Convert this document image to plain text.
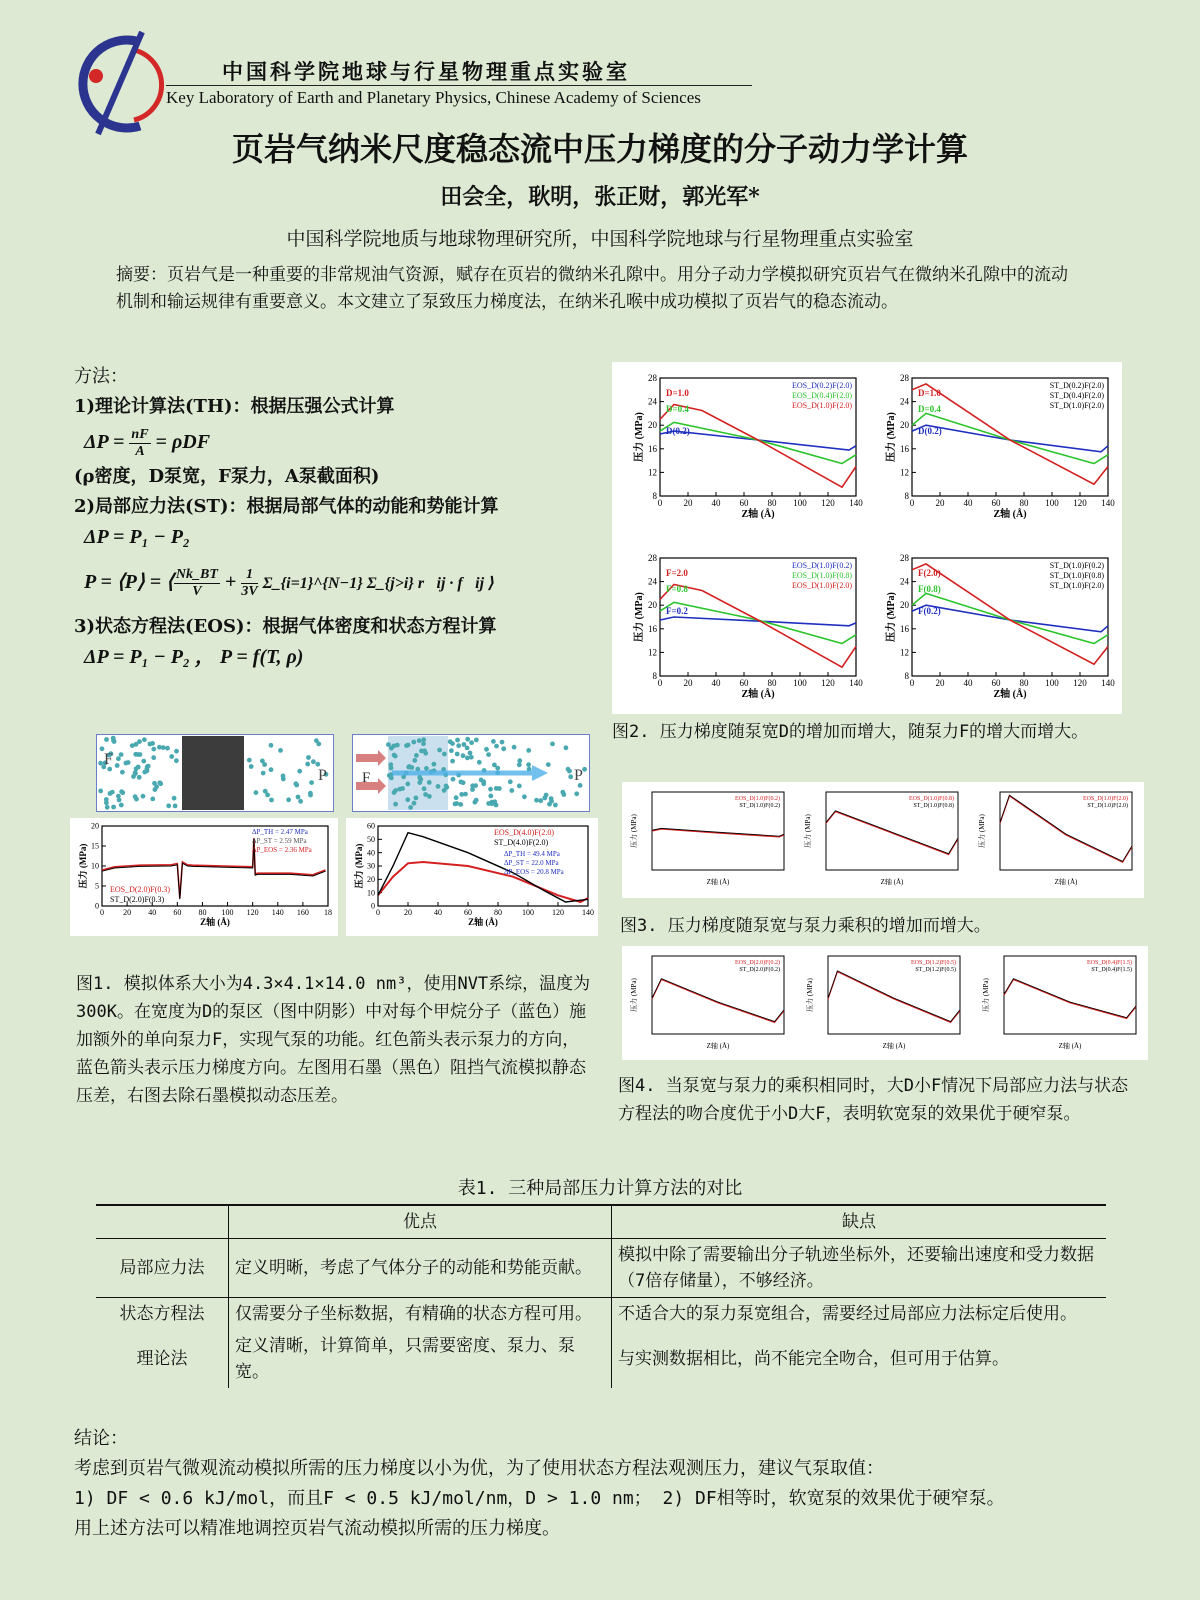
中国科学院地球与行星物理重点实验室
Key Laboratory of Earth and Planetary Physics, Chinese Academy of Sciences
页岩气纳米尺度稳态流中压力梯度的分子动力学计算
田会全，耿明，张正财，郭光军*
中国科学院地质与地球物理研究所，中国科学院地球与行星物理重点实验室
摘要：页岩气是一种重要的非常规油气资源，赋存在页岩的微纳米孔隙中。用分子动力学模拟研究页岩气在微纳米孔隙中的流动机制和输运规律有重要意义。本文建立了泵致压力梯度法，在纳米孔喉中成功模拟了页岩气的稳态流动。
方法：
1)理论计算法(TH)：根据压强公式计算
$\Delta P = \frac{nF}{A} = \rho DF$
(ρ密度，D泵宽，F泵力，A泵截面积)
2)局部应力法(ST)：根据局部气体的动能和势能计算
ΔP = P₁ − P₂
P = ⟨P⟩ = ⟨ $\frac{Nk\_BT}{V} + \frac{1}{3V}$ Σ_{i=1}^{N−1} Σ_{j>i} r⃗ij · f⃗ij ⟩
3)状态方程法(EOS)：根据气体密度和状态方程计算
ΔP = P₁ − P₂ ， P = f(T, ρ)
F
P F	P
0
5
10
15
20
0 20 40 60 80 100 120 140 160 18
压力 (MPa)
Z轴 (Å)
EOS_D(2.0)F(0.3)
ST_D(2.0)F(0.3)
ΔP_TH = 2.47 MPa
ΔP_ST = 2.59 MPa
ΔP_EOS = 2.36 MPa
0
10
20
30
40
50
60
0	20	40	60	80	100 120 140
压力 (MPa)
Z轴 (Å)
EOS_D(4.0)F(2.0)
ST_D(4.0)F(2.0)
ΔP_TH = 49.4 MPa
ΔP_ST = 22.0 MPa
ΔP_EOS = 20.8 MPa
图1. 模拟体系大小为4.3×4.1×14.0 nm³，使用NVT系综，温度为300K。在宽度为D的泵区（图中阴影）中对每个甲烷分子（蓝色）施加额外的单向泵力F，实现气泵的功能。红色箭头表示泵力的方向，蓝色箭头表示压力梯度方向。左图用石墨（黑色）阻挡气流模拟静态压差，右图去除石墨模拟动态压差。
8
12
16
20
24
28
0 20 40 60 80 100 120 140
压力 (MPa)
Z轴 (Å)
EOS_D(0.2)F(2.0)
EOS_D(0.4)F(2.0)
EOS_D(1.0)F(2.0)
D(0.2)
D=0.4
D=1.0
8
12
16
20
24
28
0 20 40 60 80 100 120 140
压力 (MPa)
Z轴 (Å)
ST_D(0.2)F(2.0)
ST_D(0.4)F(2.0)
ST_D(1.0)F(2.0)
D(0.2)
D=0.4
D=1.0
8
12
16
20
24
28
0 20 40 60 80 100 120 140
压力 (MPa)
Z轴 (Å)
EOS_D(1.0)F(0.2)
EOS_D(1.0)F(0.8)
EOS_D(1.0)F(2.0)
F=0.2
F=0.8
F=2.0
8
12
16
20
24
28
0 20 40 60 80 100 120 140
压力 (MPa)
Z轴 (Å)
ST_D(1.0)F(0.2)
ST_D(1.0)F(0.8)
ST_D(1.0)F(2.0)
F(0.2)
F(0.8)
F(2.0)
图2. 压力梯度随泵宽D的增加而增大，随泵力F的增大而增大。
压力 (MPa)
Z轴 (Å)
EOS_D(1.0)F(0.2)
ST_D(1.0)F(0.2)
压力 (MPa)
Z轴 (Å)
EOS_D(1.0)F(0.8)
ST_D(1.0)F(0.8)
压力 (MPa)
Z轴 (Å)
EOS_D(1.0)F(2.0)
ST_D(1.0)F(2.0)
图3. 压力梯度随泵宽与泵力乘积的增加而增大。
压力 (MPa)
Z轴 (Å)
EOS_D(2.0)F(0.2)
ST_D(2.0)F(0.2)
压力 (MPa)
Z轴 (Å)
EOS_D(1.2)F(0.5)
ST_D(1.2)F(0.5)
压力 (MPa)
Z轴 (Å)
EOS_D(0.4)F(1.5)
ST_D(0.4)F(1.5)
图4. 当泵宽与泵力的乘积相同时，大D小F情况下局部应力法与状态方程法的吻合度优于小D大F，表明软宽泵的效果优于硬窄泵。
表1. 三种局部压力计算方法的对比
	优点	缺点
局部应力法	定义明晰，考虑了气体分子的动能和势能贡献。	模拟中除了需要输出分子轨迹坐标外，还要输出速度和受力数据（7倍存储量），不够经济。
状态方程法	仅需要分子坐标数据，有精确的状态方程可用。	不适合大的泵力泵宽组合，需要经过局部应力法标定后使用。
理论法	定义清晰，计算简单，只需要密度、泵力、泵宽。	与实测数据相比，尚不能完全吻合，但可用于估算。
结论：
考虑到页岩气微观流动模拟所需的压力梯度以小为优，为了使用状态方程法观测压力，建议气泵取值：
1) DF < 0.6 kJ/mol，而且F < 0.5 kJ/mol/nm，D > 1.0 nm； 2) DF相等时，软宽泵的效果优于硬窄泵。
用上述方法可以精准地调控页岩气流动模拟所需的压力梯度。
